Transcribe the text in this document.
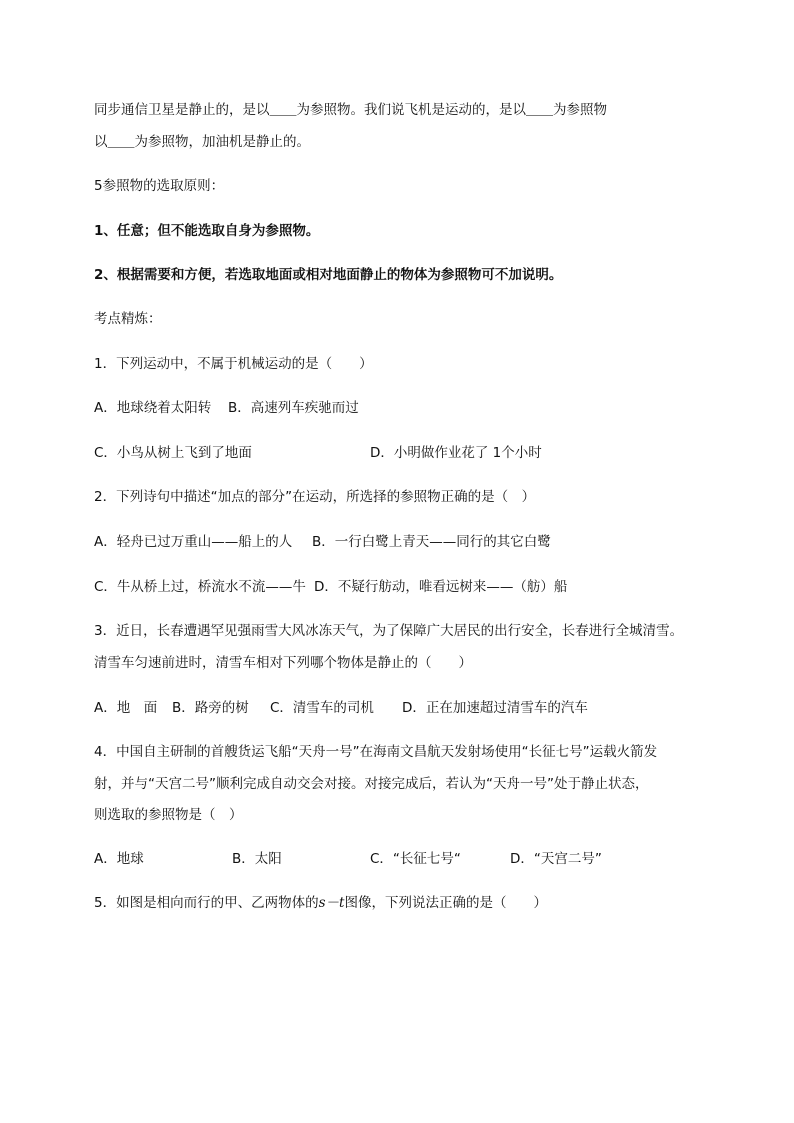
同步通信卫星是静止的，是以＿＿为参照物。我们说飞机是运动的，是以＿＿为参照物
以＿＿为参照物，加油机是静止的。
5参照物的选取原则：
1、任意；但不能选取自身为参照物。
2、根据需要和方便，若选取地面或相对地面静止的物体为参照物可不加说明。
考点精炼：
1．下列运动中，不属于机械运动的是（　　）
A．地球绕着太阳转 B．高速列车疾驰而过
C．小鸟从树上飞到了地面	D．小明做作业花了 1个小时
2．下列诗句中描述“加点的部分”在运动，所选择的参照物正确的是（　）
A．轻舟已过万重山——船上的人 B．一行白鹭上青天——同行的其它白鹭
C．牛从桥上过，桥流水不流——牛 D．不疑行舫动，唯看远树来——（舫）船
3．近日，长春遭遇罕见强雨雪大风冰冻天气，为了保障广大居民的出行安全，长春进行全城清雪。
清雪车匀速前进时，清雪车相对下列哪个物体是静止的（　　）
A．地　面 B．路旁的树 C．清雪车的司机 D．正在加速超过清雪车的汽车
4．中国自主研制的首艘货运飞船“天舟一号”在海南文昌航天发射场使用“长征七号”运载火箭发
射，并与“天宫二号”顺利完成自动交会对接。对接完成后，若认为“天舟一号”处于静止状态，
则选取的参照物是（　）
A．地球	B．太阳	C．“长征七号“	D．“天宫二号”
5．如图是相向而行的甲、乙两物体的s－t图像，下列说法正确的是（　　）
